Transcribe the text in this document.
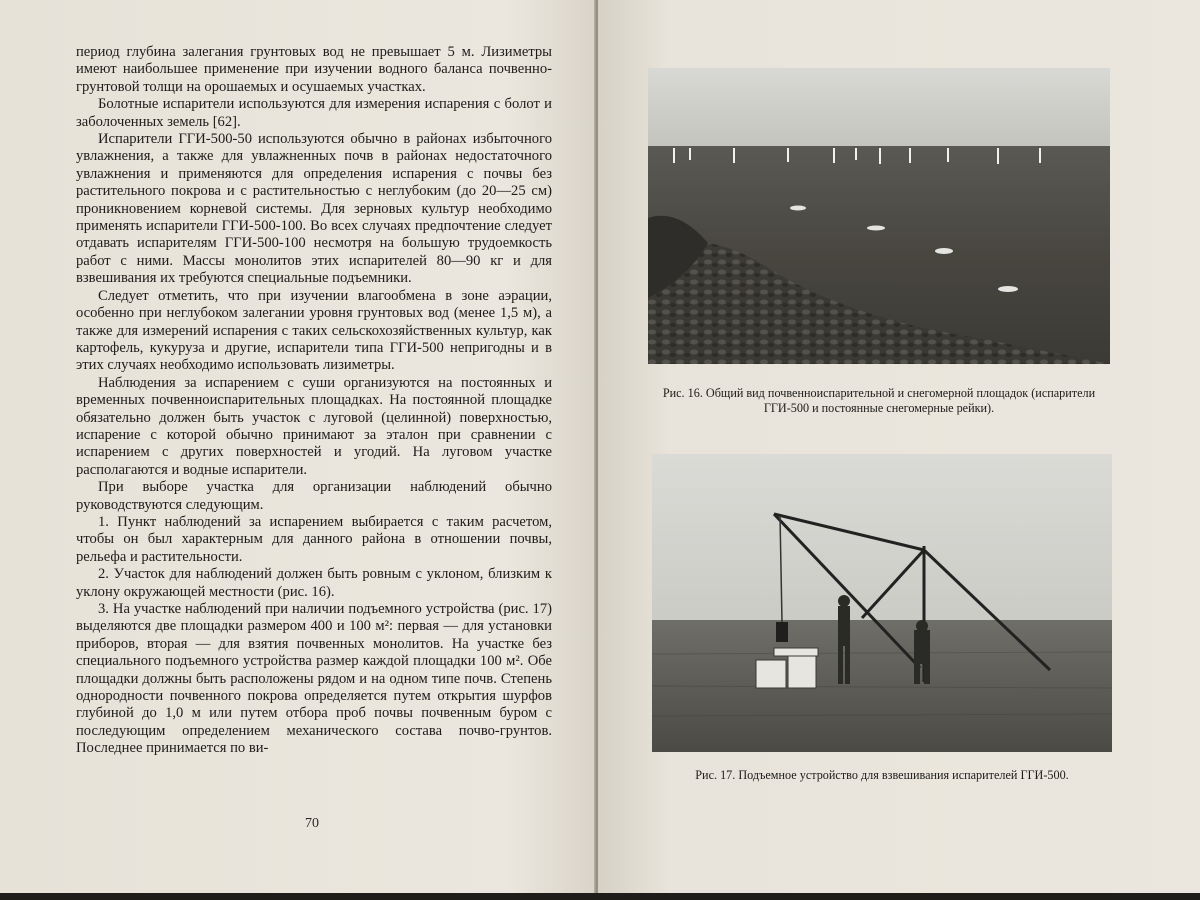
период глубина залегания грунтовых вод не превышает 5 м. Лизиметры имеют наибольшее применение при изучении водного баланса почвенно-грунтовой толщи на орошаемых и осушаемых участках.

Болотные испарители используются для измерения испарения с болот и заболоченных земель [62].

Испарители ГГИ-500-50 используются обычно в районах избыточного увлажнения, а также для увлажненных почв в районах недостаточного увлажнения и применяются для определения испарения с почвы без растительного покрова и с растительностью с неглубоким (до 20—25 см) проникновением корневой системы. Для зерновых культур необходимо применять испарители ГГИ-500-100. Во всех случаях предпочтение следует отдавать испарителям ГГИ-500-100 несмотря на большую трудоемкость работ с ними. Массы монолитов этих испарителей 80—90 кг и для взвешивания их требуются специальные подъемники.

Следует отметить, что при изучении влагообмена в зоне аэрации, особенно при неглубоком залегании уровня грунтовых вод (менее 1,5 м), а также для измерений испарения с таких сельскохозяйственных культур, как картофель, кукуруза и другие, испарители типа ГГИ-500 непригодны и в этих случаях необходимо использовать лизиметры.

Наблюдения за испарением с суши организуются на постоянных и временных почвенноиспарительных площадках. На постоянной площадке обязательно должен быть участок с луговой (целинной) поверхностью, испарение с которой обычно принимают за эталон при сравнении с испарением с других поверхностей и угодий. На луговом участке располагаются и водные испарители.

При выборе участка для организации наблюдений обычно руководствуются следующим.

1. Пункт наблюдений за испарением выбирается с таким расчетом, чтобы он был характерным для данного района в отношении почвы, рельефа и растительности.

2. Участок для наблюдений должен быть ровным с уклоном, близким к уклону окружающей местности (рис. 16).

3. На участке наблюдений при наличии подъемного устройства (рис. 17) выделяются две площадки размером 400 и 100 м²: первая — для установки приборов, вторая — для взятия почвенных монолитов. На участке без специального подъемного устройства размер каждой площадки 100 м². Обе площадки должны быть расположены рядом и на одном типе почв. Степень однородности почвенного покрова определяется путем открытия шурфов глубиной до 1,0 м или путем отбора проб почвы почвенным буром с последующим определением механического состава почво-грунтов. Последнее принимается по ви-

70
Рис. 16. Общий вид почвенноиспарительной и снегомерной площадок (испарители ГГИ-500 и постоянные снегомерные рейки).
Рис. 17. Подъемное устройство для взвешивания испарителей ГГИ-500.
